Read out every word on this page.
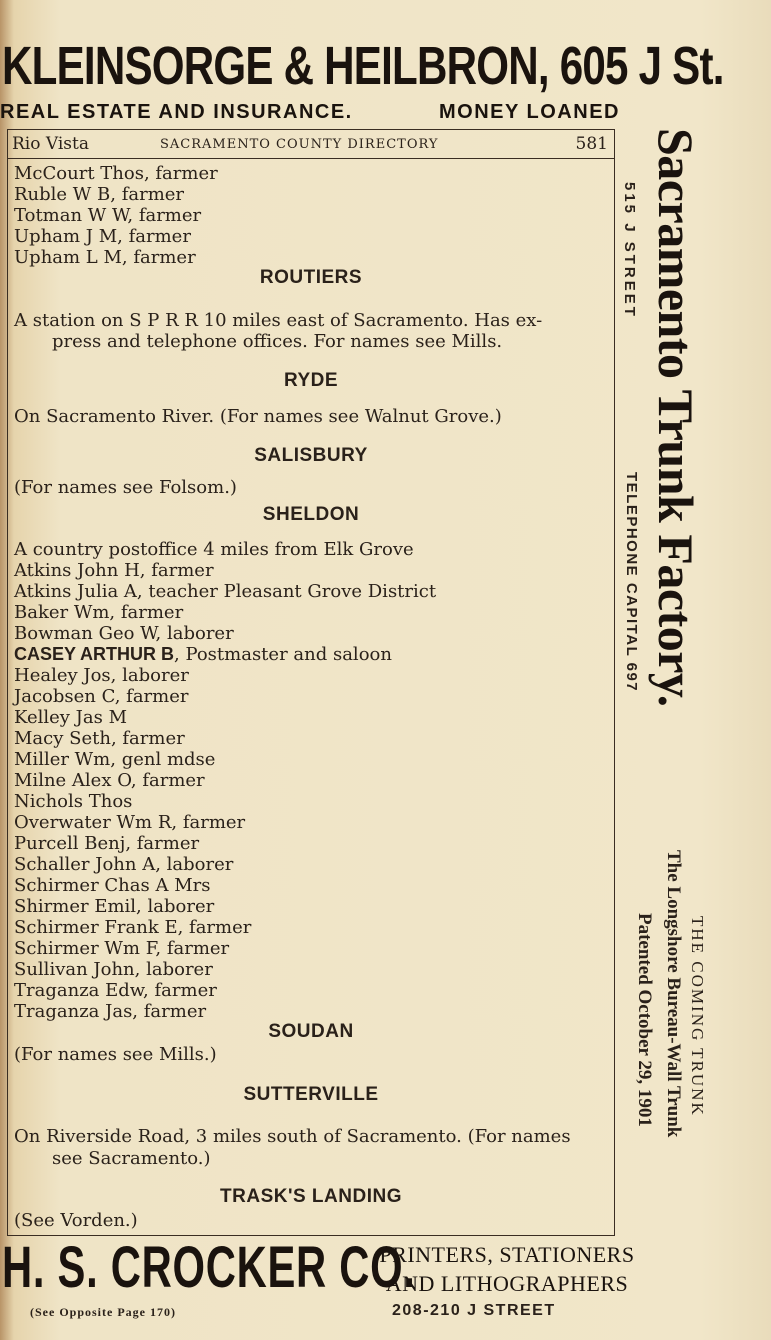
KLEINSORGE & HEILBRON, 605 J St.
REAL ESTATE AND INSURANCE.	MONEY LOANED
Rio Vista	SACRAMENTO COUNTY DIRECTORY	581
McCourt Thos, farmer
Ruble W B, farmer
Totman W W, farmer
Upham J M, farmer
Upham L M, farmer
ROUTIERS
A station on S P R R 10 miles east of Sacramento. Has ex-
press and telephone offices. For names see Mills.
RYDE
On Sacramento River. (For names see Walnut Grove.)
SALISBURY
(For names see Folsom.)
SHELDON
A country postoffice 4 miles from Elk Grove
Atkins John H, farmer
Atkins Julia A, teacher Pleasant Grove District
Baker Wm, farmer
Bowman Geo W, laborer
CASEY ARTHUR B, Postmaster and saloon
Healey Jos, laborer
Jacobsen C, farmer
Kelley Jas M
Macy Seth, farmer
Miller Wm, genl mdse
Milne Alex O, farmer
Nichols Thos
Overwater Wm R, farmer
Purcell Benj, farmer
Schaller John A, laborer
Schirmer Chas A Mrs
Shirmer Emil, laborer
Schirmer Frank E, farmer
Schirmer Wm F, farmer
Sullivan John, laborer
Traganza Edw, farmer
Traganza Jas, farmer
SOUDAN
(For names see Mills.)
SUTTERVILLE
On Riverside Road, 3 miles south of Sacramento. (For names
see Sacramento.)
TRASK'S LANDING
(See Vorden.)
Sacramento Trunk Factory.
515 J STREET
TELEPHONE CAPITAL 697
THE COMING TRUNK
The Longshore Bureau-Wall Trunk
Patented October 29, 1901
H. S. CROCKER CO.
PRINTERS, STATIONERS
AND LITHOGRAPHERS
(See Opposite Page 170)	208-210 J STREET
